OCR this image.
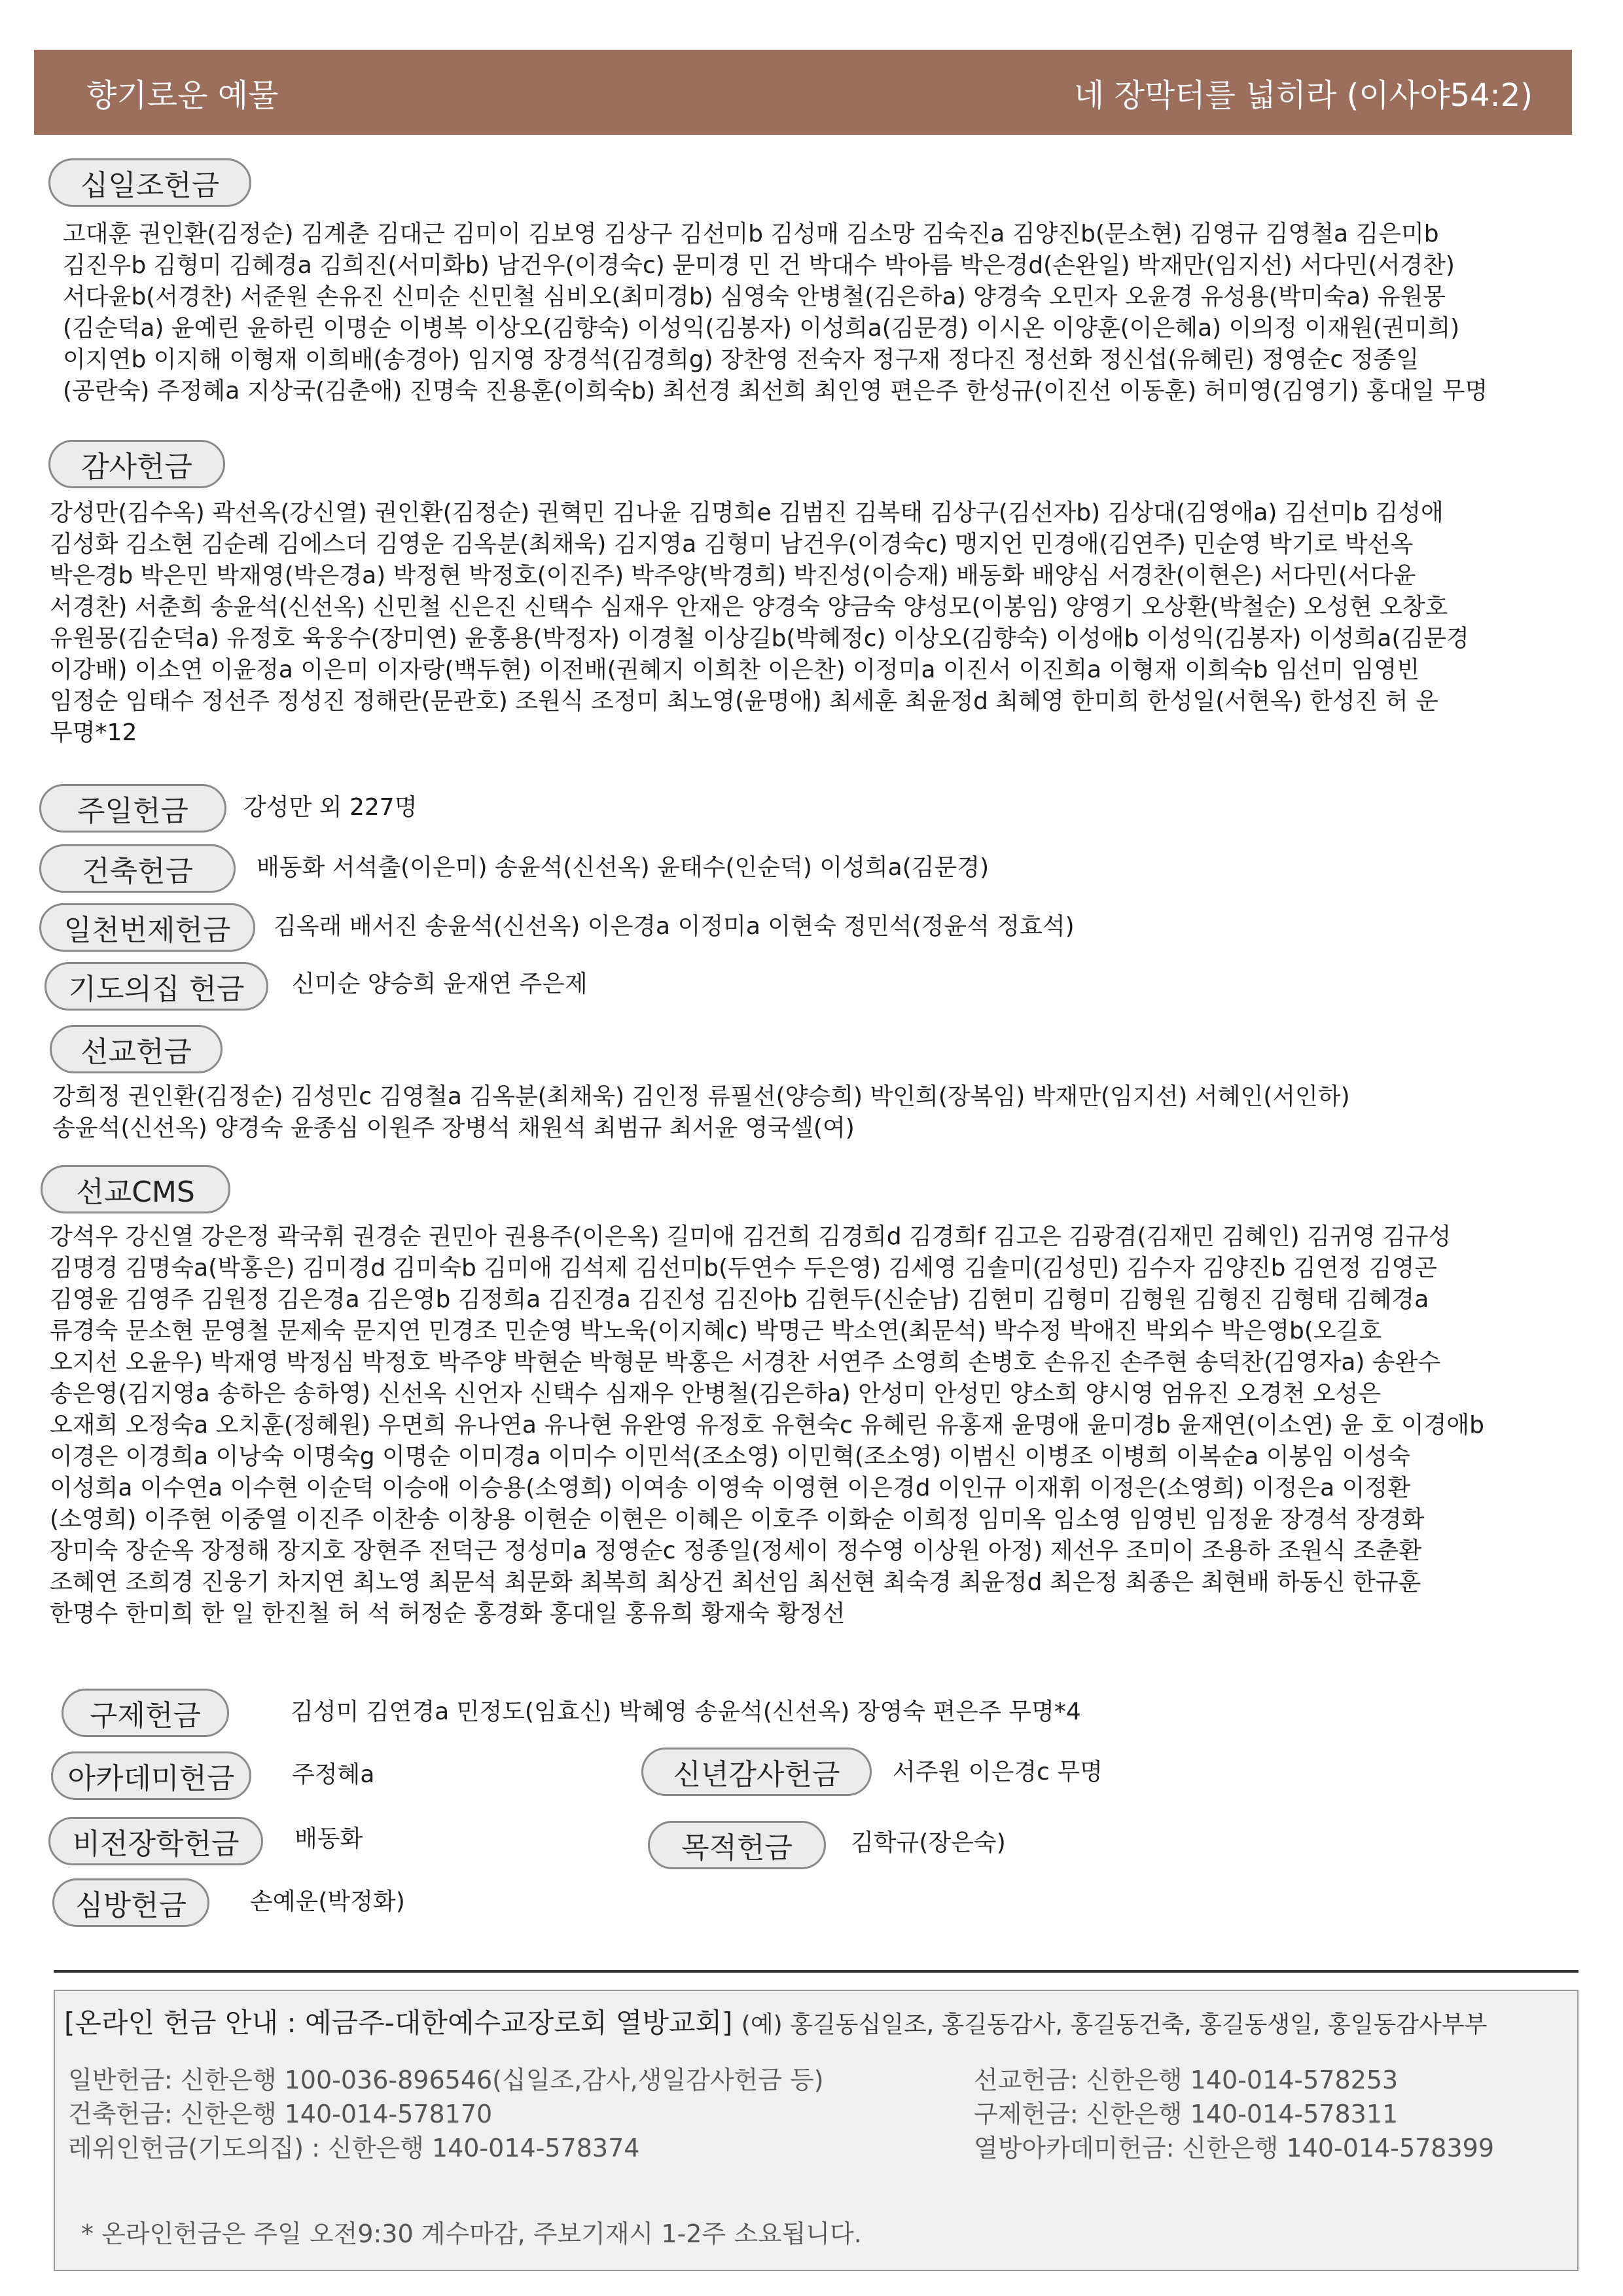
향기로운 예물	네 장막터를 넓히라 (이사야54:2)
십일조헌금
고대훈 권인환(김정순) 김계춘 김대근 김미이 김보영 김상구 김선미b 김성매 김소망 김숙진a 김양진b(문소현) 김영규 김영철a 김은미b
김진우b 김형미 김혜경a 김희진(서미화b) 남건우(이경숙c) 문미경 민 건 박대수 박아름 박은경d(손완일) 박재만(임지선) 서다민(서경찬)
서다윤b(서경찬) 서준원 손유진 신미순 신민철 심비오(최미경b) 심영숙 안병철(김은하a) 양경숙 오민자 오윤경 유성용(박미숙a) 유원몽
(김순덕a) 윤예린 윤하린 이명순 이병복 이상오(김향숙) 이성익(김봉자) 이성희a(김문경) 이시온 이양훈(이은혜a) 이의정 이재원(권미희)
이지연b 이지해 이형재 이희배(송경아) 임지영 장경석(김경희g) 장찬영 전숙자 정구재 정다진 정선화 정신섭(유혜린) 정영순c 정종일
(공란숙) 주정혜a 지상국(김춘애) 진명숙 진용훈(이희숙b) 최선경 최선희 최인영 편은주 한성규(이진선 이동훈) 허미영(김영기) 홍대일 무명
감사헌금
강성만(김수옥) 곽선옥(강신열) 권인환(김정순) 권혁민 김나윤 김명희e 김범진 김복태 김상구(김선자b) 김상대(김영애a) 김선미b 김성애
김성화 김소현 김순례 김에스더 김영운 김옥분(최채욱) 김지영a 김형미 남건우(이경숙c) 맹지언 민경애(김연주) 민순영 박기로 박선옥
박은경b 박은민 박재영(박은경a) 박정현 박정호(이진주) 박주양(박경희) 박진성(이승재) 배동화 배양심 서경찬(이현은) 서다민(서다윤
서경찬) 서춘희 송윤석(신선옥) 신민철 신은진 신택수 심재우 안재은 양경숙 양금숙 양성모(이봉임) 양영기 오상환(박철순) 오성현 오창호
유원몽(김순덕a) 유정호 육웅수(장미연) 윤홍용(박정자) 이경철 이상길b(박혜정c) 이상오(김향숙) 이성애b 이성익(김봉자) 이성희a(김문경
이강배) 이소연 이윤정a 이은미 이자랑(백두현) 이전배(권혜지 이희찬 이은찬) 이정미a 이진서 이진희a 이형재 이희숙b 임선미 임영빈
임정순 임태수 정선주 정성진 정해란(문관호) 조원식 조정미 최노영(윤명애) 최세훈 최윤정d 최혜영 한미희 한성일(서현옥) 한성진 허 운
무명*12
주일헌금	강성만 외 227명
건축헌금	배동화 서석출(이은미) 송윤석(신선옥) 윤태수(인순덕) 이성희a(김문경)
일천번제헌금	김옥래 배서진 송윤석(신선옥) 이은경a 이정미a 이현숙 정민석(정윤석 정효석)
기도의집 헌금	신미순 양승희 윤재연 주은제
선교헌금
강희정 권인환(김정순) 김성민c 김영철a 김옥분(최채욱) 김인정 류필선(양승희) 박인희(장복임) 박재만(임지선) 서혜인(서인하)
송윤석(신선옥) 양경숙 윤종심 이원주 장병석 채원석 최범규 최서윤 영국셀(여)
선교CMS
강석우 강신열 강은정 곽국휘 권경순 권민아 권용주(이은옥) 길미애 김건희 김경희d 김경희f 김고은 김광겸(김재민 김혜인) 김귀영 김규성
김명경 김명숙a(박홍은) 김미경d 김미숙b 김미애 김석제 김선미b(두연수 두은영) 김세영 김솔미(김성민) 김수자 김양진b 김연정 김영곤
김영윤 김영주 김원정 김은경a 김은영b 김정희a 김진경a 김진성 김진아b 김현두(신순남) 김현미 김형미 김형원 김형진 김형태 김혜경a
류경숙 문소현 문영철 문제숙 문지연 민경조 민순영 박노욱(이지혜c) 박명근 박소연(최문석) 박수정 박애진 박외수 박은영b(오길호
오지선 오윤우) 박재영 박정심 박정호 박주양 박현순 박형문 박홍은 서경찬 서연주 소영희 손병호 손유진 손주현 송덕찬(김영자a) 송완수
송은영(김지영a 송하은 송하영) 신선옥 신언자 신택수 심재우 안병철(김은하a) 안성미 안성민 양소희 양시영 엄유진 오경천 오성은
오재희 오정숙a 오치훈(정혜원) 우면희 유나연a 유나현 유완영 유정호 유현숙c 유혜린 유홍재 윤명애 윤미경b 윤재연(이소연) 윤 호 이경애b
이경은 이경희a 이낭숙 이명숙g 이명순 이미경a 이미수 이민석(조소영) 이민혁(조소영) 이범신 이병조 이병희 이복순a 이봉임 이성숙
이성희a 이수연a 이수현 이순덕 이승애 이승용(소영희) 이여송 이영숙 이영현 이은경d 이인규 이재휘 이정은(소영희) 이정은a 이정환
(소영희) 이주현 이중열 이진주 이찬송 이창용 이현순 이현은 이혜은 이호주 이화순 이희정 임미옥 임소영 임영빈 임정윤 장경석 장경화
장미숙 장순옥 장정해 장지호 장현주 전덕근 정성미a 정영순c 정종일(정세이 정수영 이상원 아정) 제선우 조미이 조용하 조원식 조춘환
조혜연 조희경 진웅기 차지연 최노영 최문석 최문화 최복희 최상건 최선임 최선현 최숙경 최윤정d 최은정 최종은 최현배 하동신 한규훈
한명수 한미희 한 일 한진철 허 석 허정순 홍경화 홍대일 홍유희 황재숙 황정선
구제헌금	김성미 김연경a 민정도(임효신) 박혜영 송윤석(신선옥) 장영숙 편은주 무명*4
아카데미헌금	주정혜a	신년감사헌금	서주원 이은경c 무명
비전장학헌금	배동화	목적헌금	김학규(장은숙)
심방헌금	손예운(박정화)
[온라인 헌금 안내 : 예금주-대한예수교장로회 열방교회] (예) 홍길동십일조, 홍길동감사, 홍길동건축, 홍길동생일, 홍일동감사부부
일반헌금: 신한은행 100-036-896546(십일조,감사,생일감사헌금 등)
건축헌금: 신한은행 140-014-578170
레위인헌금(기도의집) : 신한은행 140-014-578374
선교헌금: 신한은행 140-014-578253
구제헌금: 신한은행 140-014-578311
열방아카데미헌금: 신한은행 140-014-578399
* 온라인헌금은 주일 오전9:30 계수마감, 주보기재시 1-2주 소요됩니다.
